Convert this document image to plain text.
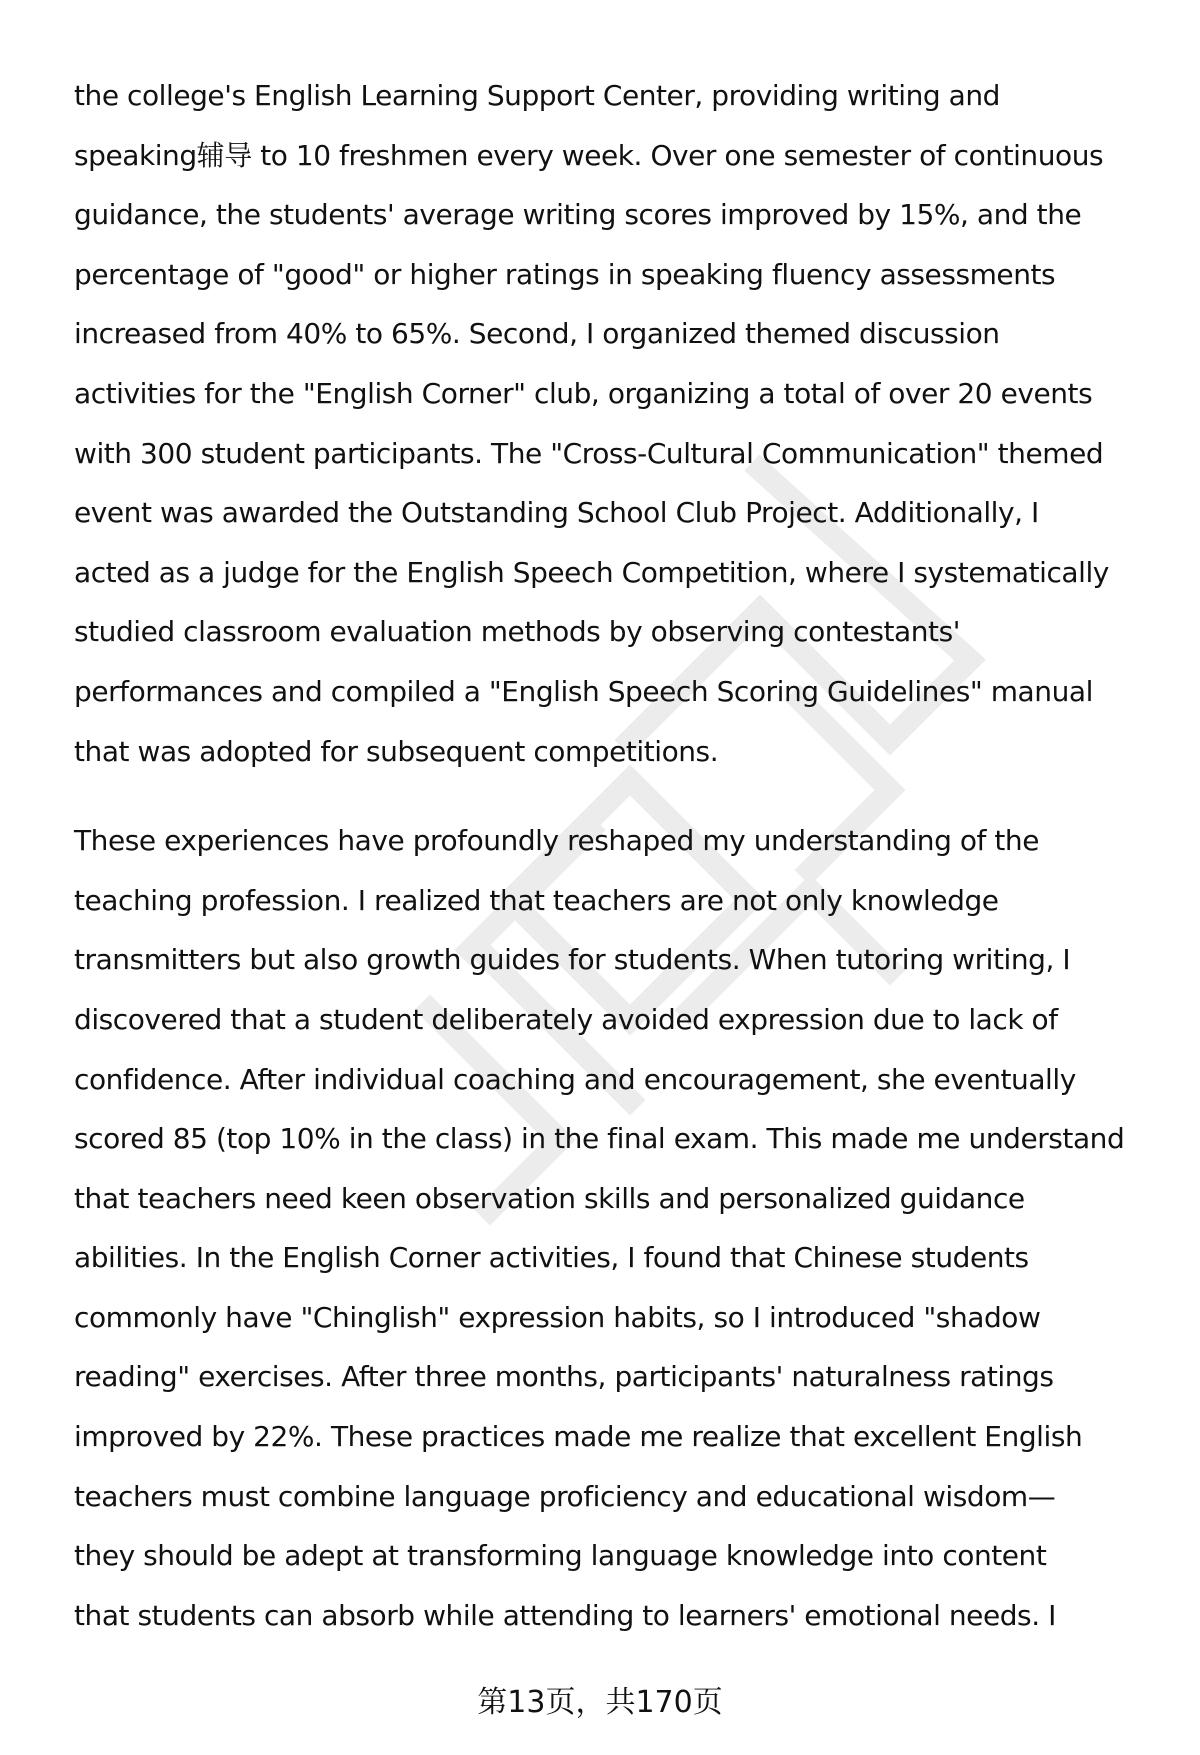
the college's English Learning Support Center, providing writing and
speaking辅导 to 10 freshmen every week. Over one semester of continuous
guidance, the students' average writing scores improved by 15%, and the
percentage of "good" or higher ratings in speaking fluency assessments
increased from 40% to 65%. Second, I organized themed discussion
activities for the "English Corner" club, organizing a total of over 20 events
with 300 student participants. The "Cross-Cultural Communication" themed
event was awarded the Outstanding School Club Project. Additionally, I
acted as a judge for the English Speech Competition, where I systematically
studied classroom evaluation methods by observing contestants'
performances and compiled a "English Speech Scoring Guidelines" manual
that was adopted for subsequent competitions.
These experiences have profoundly reshaped my understanding of the
teaching profession. I realized that teachers are not only knowledge
transmitters but also growth guides for students. When tutoring writing, I
discovered that a student deliberately avoided expression due to lack of
confidence. After individual coaching and encouragement, she eventually
scored 85 (top 10% in the class) in the final exam. This made me understand
that teachers need keen observation skills and personalized guidance
abilities. In the English Corner activities, I found that Chinese students
commonly have "Chinglish" expression habits, so I introduced "shadow
reading" exercises. After three months, participants' naturalness ratings
improved by 22%. These practices made me realize that excellent English
teachers must combine language proficiency and educational wisdom—
they should be adept at transforming language knowledge into content
that students can absorb while attending to learners' emotional needs. I
第13页，共170页
